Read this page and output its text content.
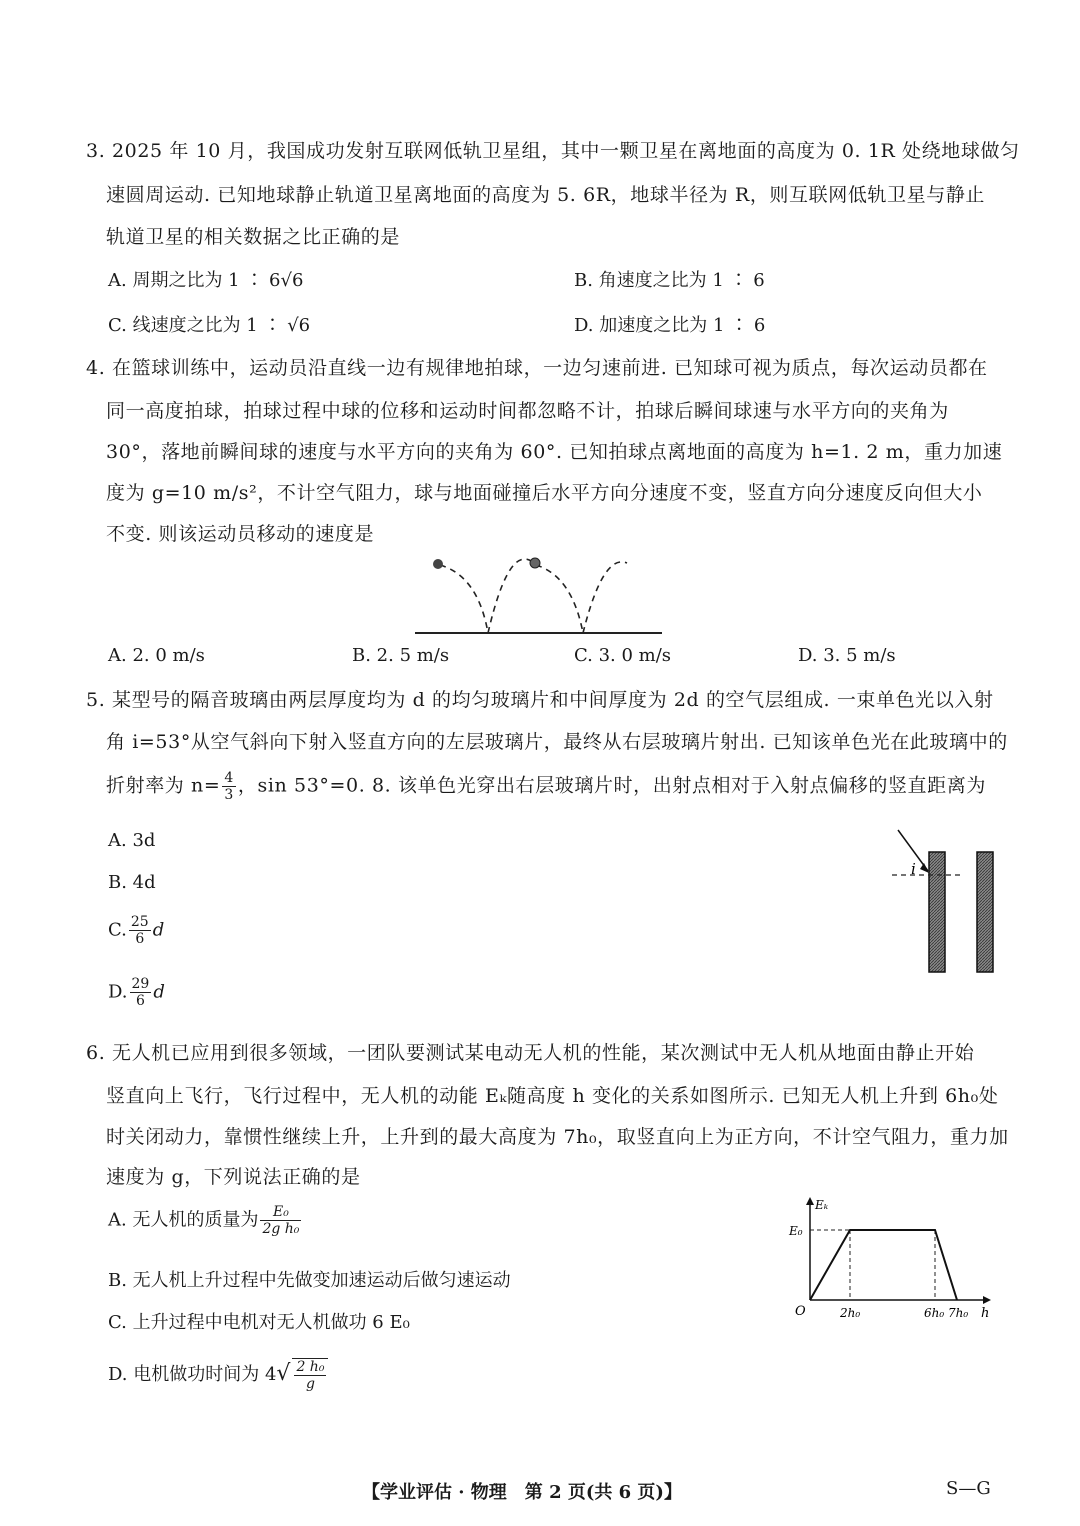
3. 2025 年 10 月，我国成功发射互联网低轨卫星组，其中一颗卫星在离地面的高度为 0. 1R 处绕地球做匀
速圆周运动. 已知地球静止轨道卫星离地面的高度为 5. 6R，地球半径为 R，则互联网低轨卫星与静止
轨道卫星的相关数据之比正确的是
A. 周期之比为 1 ∶ 6√6	B. 角速度之比为 1 ∶ 6
C. 线速度之比为 1 ∶ √6	D. 加速度之比为 1 ∶ 6
4. 在篮球训练中，运动员沿直线一边有规律地拍球，一边匀速前进. 已知球可视为质点，每次运动员都在
同一高度拍球，拍球过程中球的位移和运动时间都忽略不计，拍球后瞬间球速与水平方向的夹角为
30°，落地前瞬间球的速度与水平方向的夹角为 60°. 已知拍球点离地面的高度为 h=1. 2 m，重力加速
度为 g=10 m/s²，不计空气阻力，球与地面碰撞后水平方向分速度不变，竖直方向分速度反向但大小
不变. 则该运动员移动的速度是
A. 2. 0 m/s	B. 2. 5 m/s	C. 3. 0 m/s	D. 3. 5 m/s
5. 某型号的隔音玻璃由两层厚度均为 d 的均匀玻璃片和中间厚度为 2d 的空气层组成. 一束单色光以入射
角 i=53°从空气斜向下射入竖直方向的左层玻璃片，最终从右层玻璃片射出. 已知该单色光在此玻璃中的
折射率为 $n= \frac{4}{3}$ ，sin 53°=0. 8. 该单色光穿出右层玻璃片时，出射点相对于入射点偏移的竖直距离为
A. 3d
B. 4d
C. $\frac{25}{6}$ d
D. $\frac{29}{6}$ d
i
6. 无人机已应用到很多领域，一团队要测试某电动无人机的性能，某次测试中无人机从地面由静止开始
竖直向上飞行，飞行过程中，无人机的动能 Eₖ随高度 h 变化的关系如图所示. 已知无人机上升到 6h₀处
时关闭动力，靠惯性继续上升，上升到的最大高度为 7h₀，取竖直向上为正方向，不计空气阻力，重力加
速度为 g，下列说法正确的是
A. 无人机的质量为 $\frac{\text{E₀}}{\text{2g h₀}}$
B. 无人机上升过程中先做变加速运动后做匀速运动
C. 上升过程中电机对无人机做功 6 E₀
D. 电机做功时间为 $4√ \frac{\text{2 h₀}}{g}$
Eₖ
E₀
O	h
2h₀	6h₀ 7h₀
【学业评估 · 物理　第 2 页(共 6 页)】	S—G
